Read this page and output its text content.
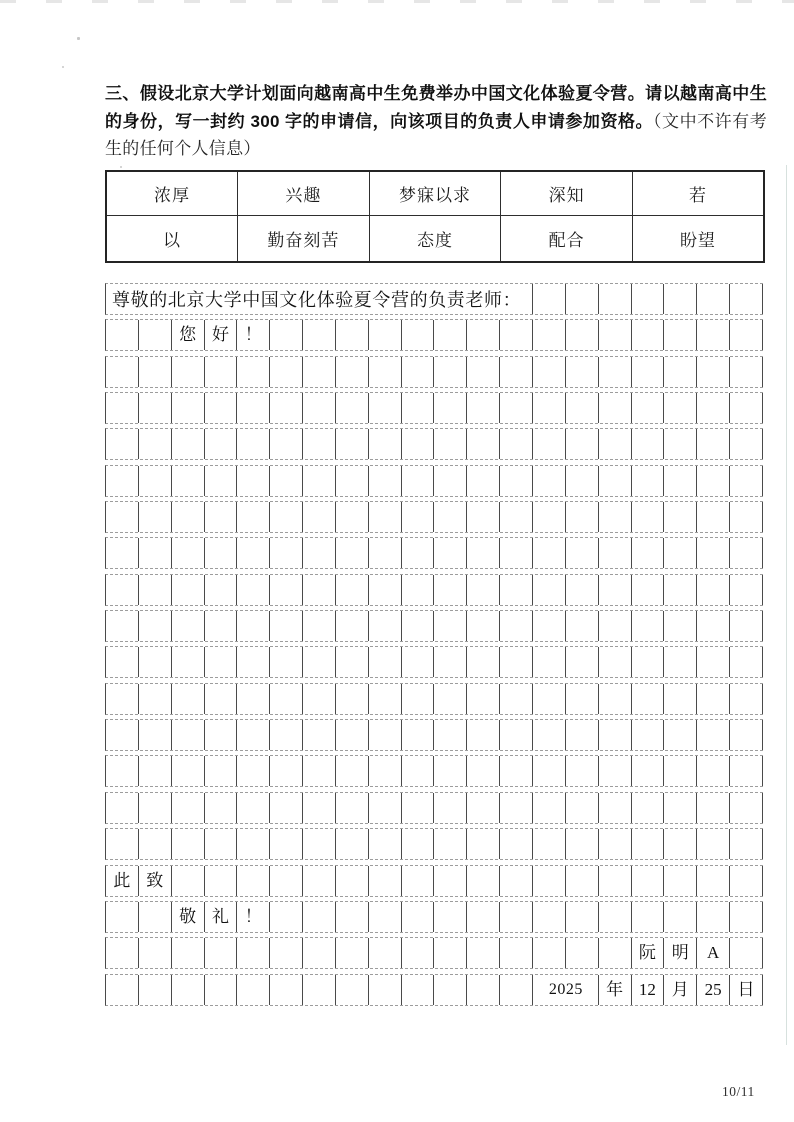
三、假设北京大学计划面向越南高中生免费举办中国文化体验夏令营。请以越南高中生的身份，写一封约 300 字的申请信，向该项目的负责人申请参加资格。（文中不许有考生的任何个人信息）
浓厚	兴趣	梦寐以求	深知	若
以	勤奋刻苦	态度	配合	盼望
尊敬的北京大学中国文化体验夏令营的负责老师：
您 好 ！
此 致
敬 礼 ！
阮 明	A
年 12 月 25 日
2025
10/11
